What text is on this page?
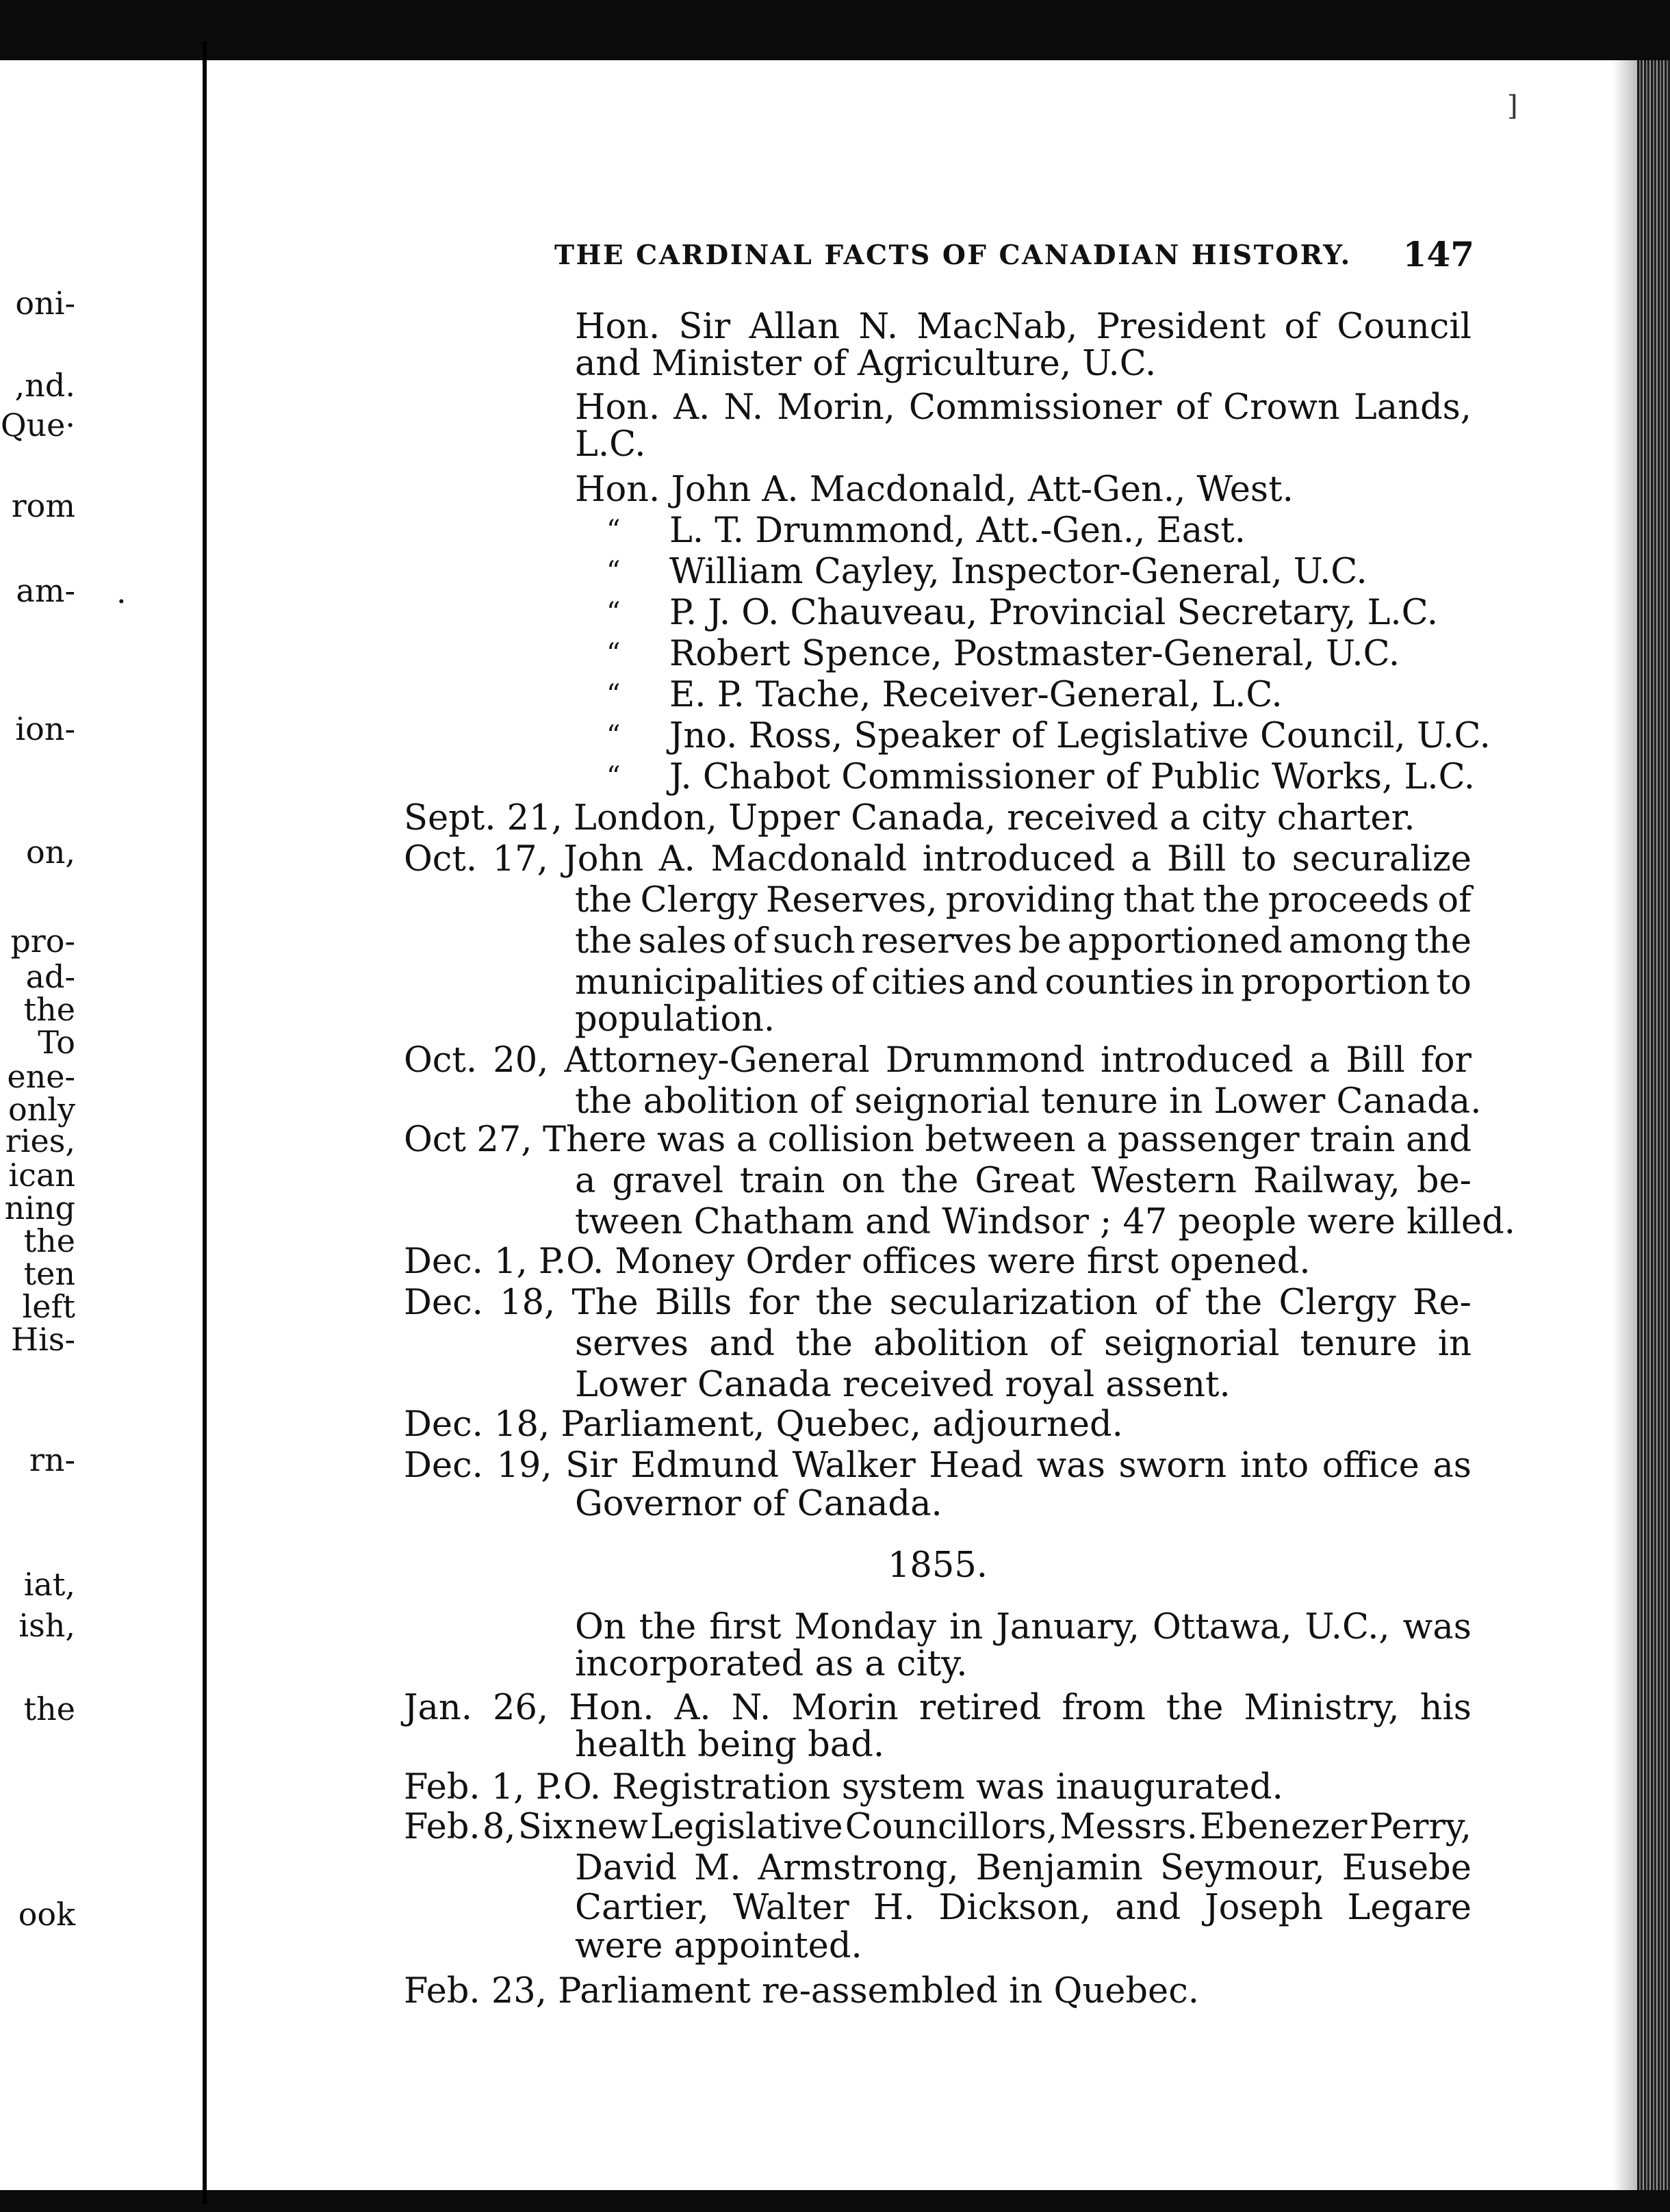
]
oni-
,nd.
Que·
rom
am- .
ion-
on,
pro-
ad-
the
To
ene-
only
ries,
ican
ning
the
ten
left
His-
rn-
iat,
ish,
the
ook
THE CARDINAL FACTS OF CANADIAN HISTORY. 147
Hon. Sir Allan N. MacNab, President of Council
and Minister of Agriculture, U.C.
Hon. A. N. Morin, Commissioner of Crown Lands,
L.C.
Hon. John A. Macdonald, Att-Gen., West.
“	L. T. Drummond, Att.-Gen., East.
“	William Cayley, Inspector-General, U.C.
“	P. J. O. Chauveau, Provincial Secretary, L.C.
“	Robert Spence, Postmaster-General, U.C.
“	E. P. Tache, Receiver-General, L.C.
“	Jno. Ross, Speaker of Legislative Council, U.C.
“	J. Chabot Commissioner of Public Works, L.C.
Sept. 21, London, Upper Canada, received a city charter.
Oct. 17, John A. Macdonald introduced a Bill to securalize
the Clergy Reserves, providing that the proceeds of
the sales of such reserves be apportioned among the
municipalities of cities and counties in proportion to
population.
Oct. 20, Attorney-General Drummond introduced a Bill for
the abolition of seignorial tenure in Lower Canada.
Oct 27, There was a collision between a passenger train and
a gravel train on the Great Western Railway, be-
tween Chatham and Windsor ; 47 people were killed.
Dec. 1, P.O. Money Order offices were first opened.
Dec. 18, The Bills for the secularization of the Clergy Re-
serves and the abolition of seignorial tenure in
Lower Canada received royal assent.
Dec. 18, Parliament, Quebec, adjourned.
Dec. 19, Sir Edmund Walker Head was sworn into office as
Governor of Canada.
1855.
On the first Monday in January, Ottawa, U.C., was
incorporated as a city.
Jan. 26, Hon. A. N. Morin retired from the Ministry, his
health being bad.
Feb. 1, P.O. Registration system was inaugurated.
Feb. 8, Six new Legislative Councillors, Messrs. Ebenezer Perry,
David M. Armstrong, Benjamin Seymour, Eusebe
Cartier, Walter H. Dickson, and Joseph Legare
were appointed.
Feb. 23, Parliament re-assembled in Quebec.
